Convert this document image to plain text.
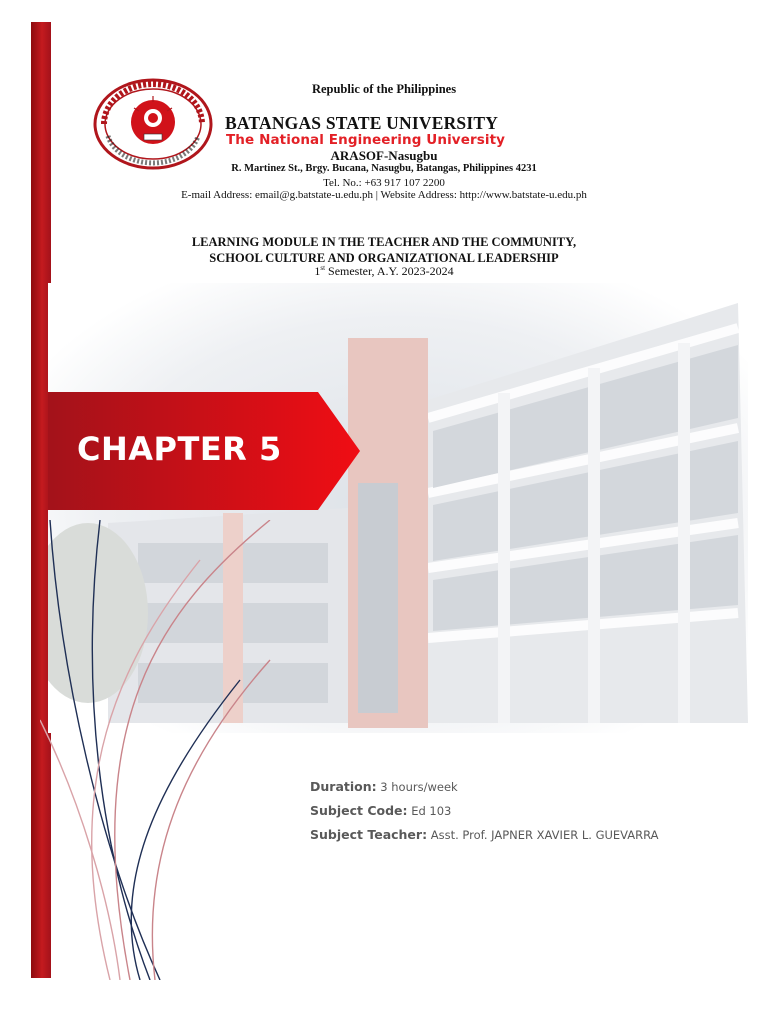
Republic of the Philippines
BATANGAS STATE UNIVERSITY
The National Engineering University
ARASOF-Nasugbu
R. Martinez St., Brgy. Bucana, Nasugbu, Batangas, Philippines 4231
Tel. No.: +63 917 107 2200
E-mail Address: email@g.batstate-u.edu.ph | Website Address: http://www.batstate-u.edu.ph
LEARNING MODULE IN THE TEACHER AND THE COMMUNITY,
SCHOOL CULTURE AND ORGANIZATIONAL LEADERSHIP
1st Semester, A.Y. 2023-2024
CHAPTER 5
Duration: 3 hours/week
Subject Code: Ed 103
Subject Teacher: Asst. Prof. JAPNER XAVIER L. GUEVARRA
